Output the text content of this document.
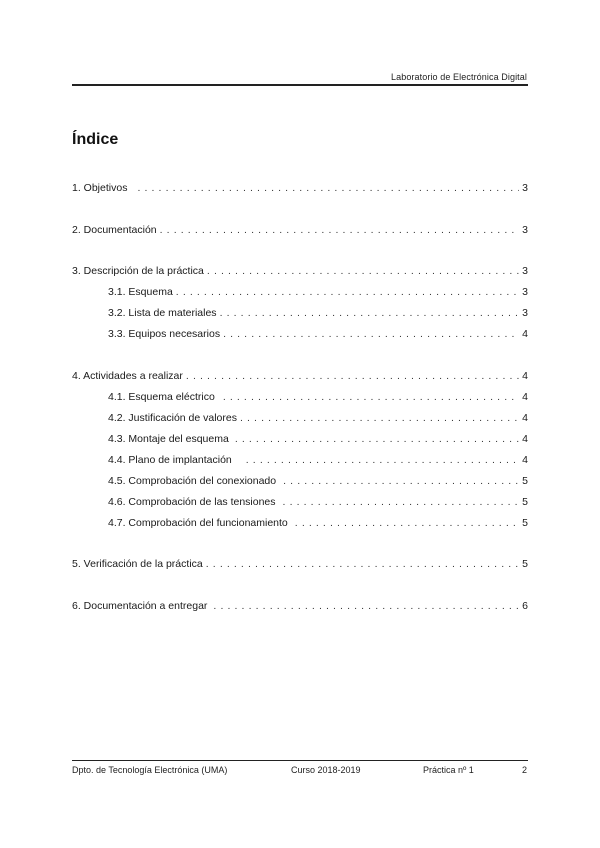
Laboratorio de Electrónica Digital
Índice
1. Objetivos . . .	3
2. Documentación . . .	3
3. Descripción de la práctica . . .	3
3.1. Esquema . . .	3
3.2. Lista de materiales . . .	3
3.3. Equipos necesarios . . .	4
4. Actividades a realizar . . .	4
4.1. Esquema eléctrico . . .	4
4.2. Justificación de valores . . .	4
4.3. Montaje del esquema . . .	4
4.4. Plano de implantación . . .	4
4.5. Comprobación del conexionado . . .	5
4.6. Comprobación de las tensiones . . .	5
4.7. Comprobación del funcionamiento . . .	5
5. Verificación de la práctica . . .	5
6. Documentación a entregar . . .	6
Dpto. de Tecnología Electrónica (UMA)	Curso 2018-2019	Práctica nº 1	2
